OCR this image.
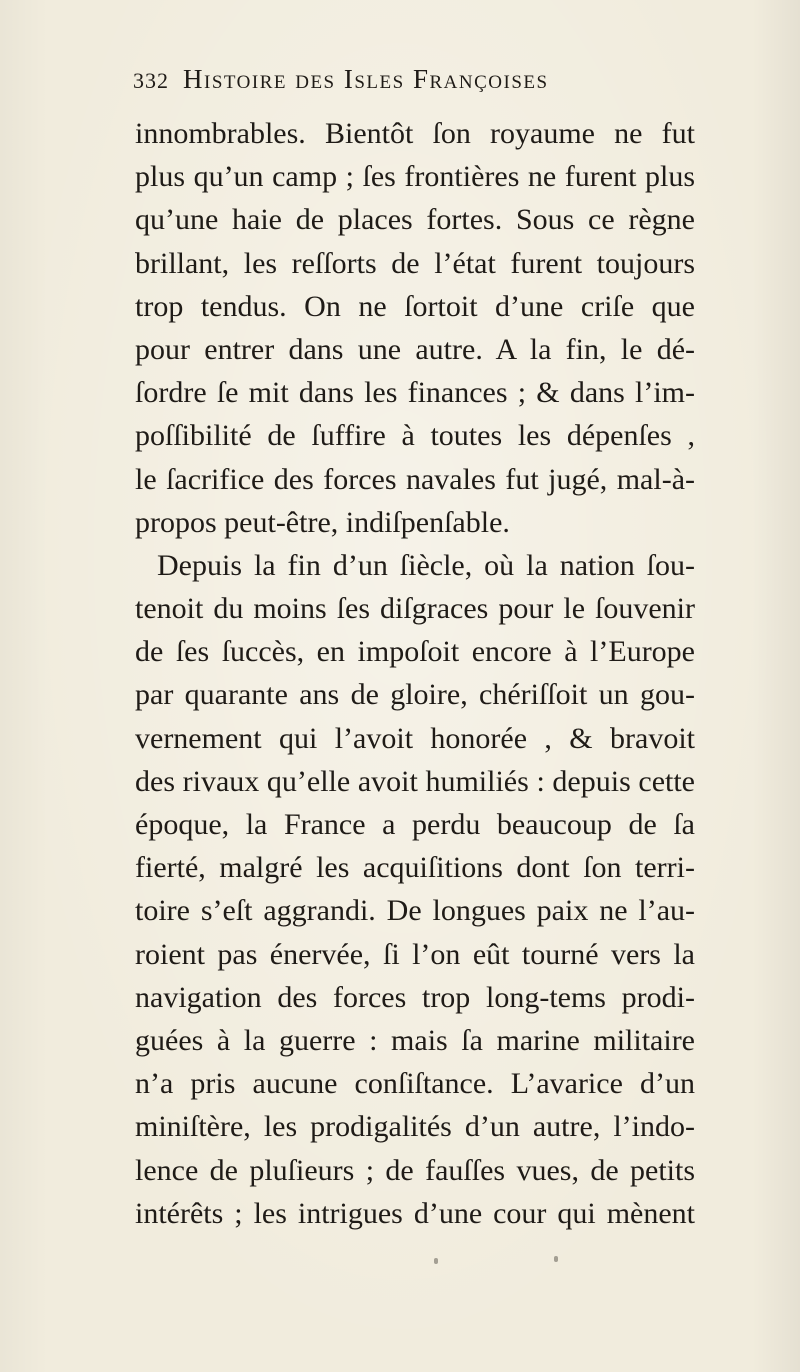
332 Histoire des Isles Françoises
innombrables. Bientôt ſon royaume ne fut
plus qu’un camp ; ſes frontières ne furent plus
qu’une haie de places fortes. Sous ce règne
brillant, les reſſorts de l’état furent toujours
trop tendus. On ne ſortoit d’une criſe que
pour entrer dans une autre. A la fin, le dé-
ſordre ſe mit dans les finances ; & dans l’im-
poſſibilité de ſuffire à toutes les dépenſes ,
le ſacrifice des forces navales fut jugé, mal-à-
propos peut-être, indiſpenſable.
Depuis la fin d’un ſiècle, où la nation ſou-
tenoit du moins ſes diſgraces pour le ſouvenir
de ſes ſuccès, en impoſoit encore à l’Europe
par quarante ans de gloire, chériſſoit un gou-
vernement qui l’avoit honorée , & bravoit
des rivaux qu’elle avoit humiliés : depuis cette
époque, la France a perdu beaucoup de ſa
fierté, malgré les acquiſitions dont ſon terri-
toire s’eſt aggrandi. De longues paix ne l’au-
roient pas énervée, ſi l’on eût tourné vers la
navigation des forces trop long-tems prodi-
guées à la guerre : mais ſa marine militaire
n’a pris aucune conſiſtance. L’avarice d’un
miniſtère, les prodigalités d’un autre, l’indo-
lence de pluſieurs ; de fauſſes vues, de petits
intérêts ; les intrigues d’une cour qui mènent
